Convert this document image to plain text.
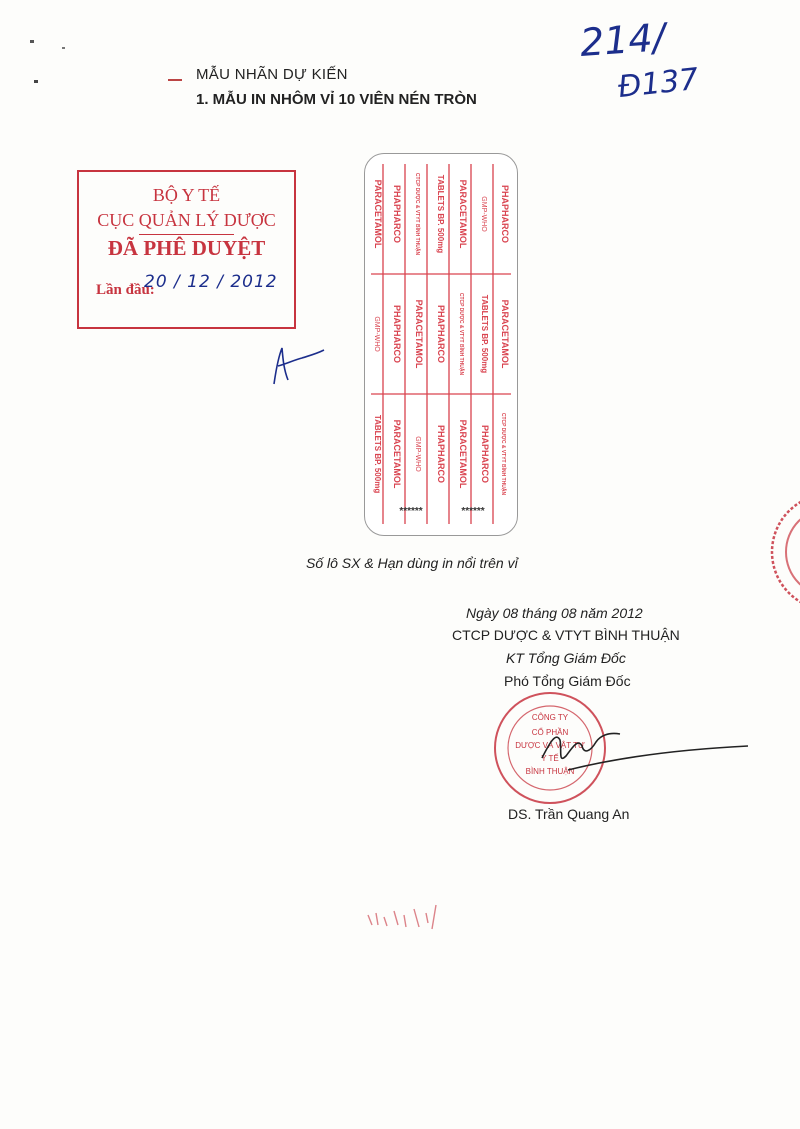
MẪU NHÃN DỰ KIẾN
1. MẪU IN NHÔM VỈ 10 VIÊN NÉN TRÒN
214/
Đ137
BỘ Y TẾ
CỤC QUẢN LÝ DƯỢC
ĐÃ PHÊ DUYỆT
Lần đầu:
20 / 12 / 2012
PHAPHARCO
GMP-WHO
PARACETAMOL
TABLETS BP. 500mg
CTCP DƯỢC & VTYT BÌNH THUẬN
PHAPHARCO
PARACETAMOL
PARACETAMOL
TABLETS BP. 500mg
CTCP DƯỢC & VTYT BÌNH THUẬN
PHAPHARCO
PARACETAMOL
PHAPHARCO
GMP-WHO
CTCP DƯỢC & VTYT BÌNH THUẬN
PHAPHARCO
PARACETAMOL
PHAPHARCO
GMP-WHO
PARACETAMOL
TABLETS BP. 500mg
******	******
Số lô SX & Hạn dùng in nổi trên vỉ
Ngày 08 tháng 08 năm 2012
CTCP DƯỢC & VTYT BÌNH THUẬN
KT Tổng Giám Đốc
Phó Tổng Giám Đốc
CÔNG TY
CỔ PHẦN
DƯỢC VÀ VẬT TƯ
Y TẾ
BÌNH THUẬN
DS. Trần Quang An
